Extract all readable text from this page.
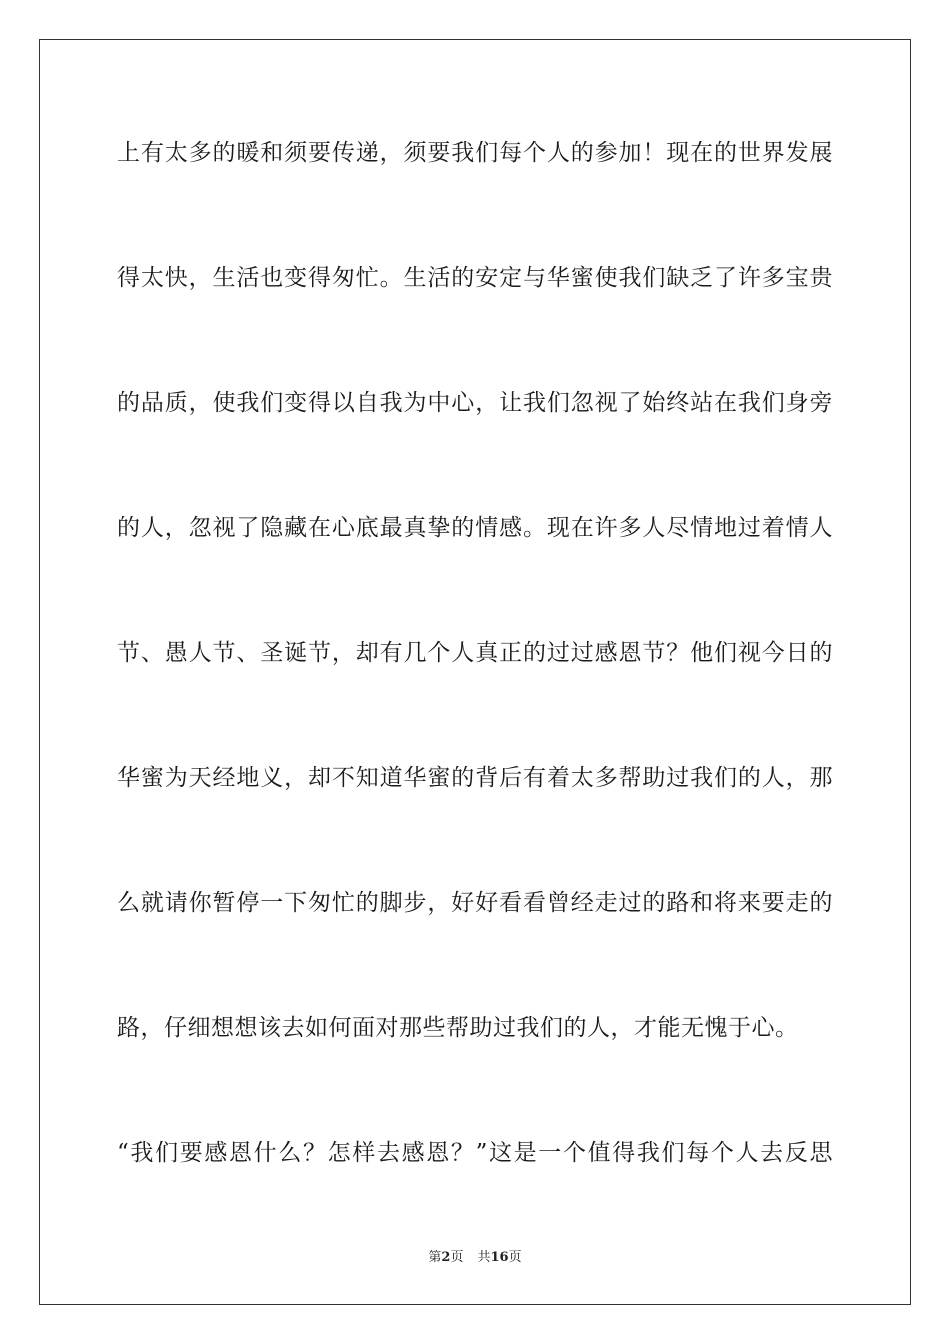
上有太多的暖和须要传递，须要我们每个人的参加！现在的世界发展
得太快，生活也变得匆忙。生活的安定与华蜜使我们缺乏了许多宝贵
的品质，使我们变得以自我为中心，让我们忽视了始终站在我们身旁
的人，忽视了隐藏在心底最真挚的情感。现在许多人尽情地过着情人
节、愚人节、圣诞节，却有几个人真正的过过感恩节？他们视今日的
华蜜为天经地义，却不知道华蜜的背后有着太多帮助过我们的人，那
么就请你暂停一下匆忙的脚步，好好看看曾经走过的路和将来要走的
路，仔细想想该去如何面对那些帮助过我们的人，才能无愧于心。
“我们要感恩什么？怎样去感恩？”这是一个值得我们每个人去反思
第2页 共16页
